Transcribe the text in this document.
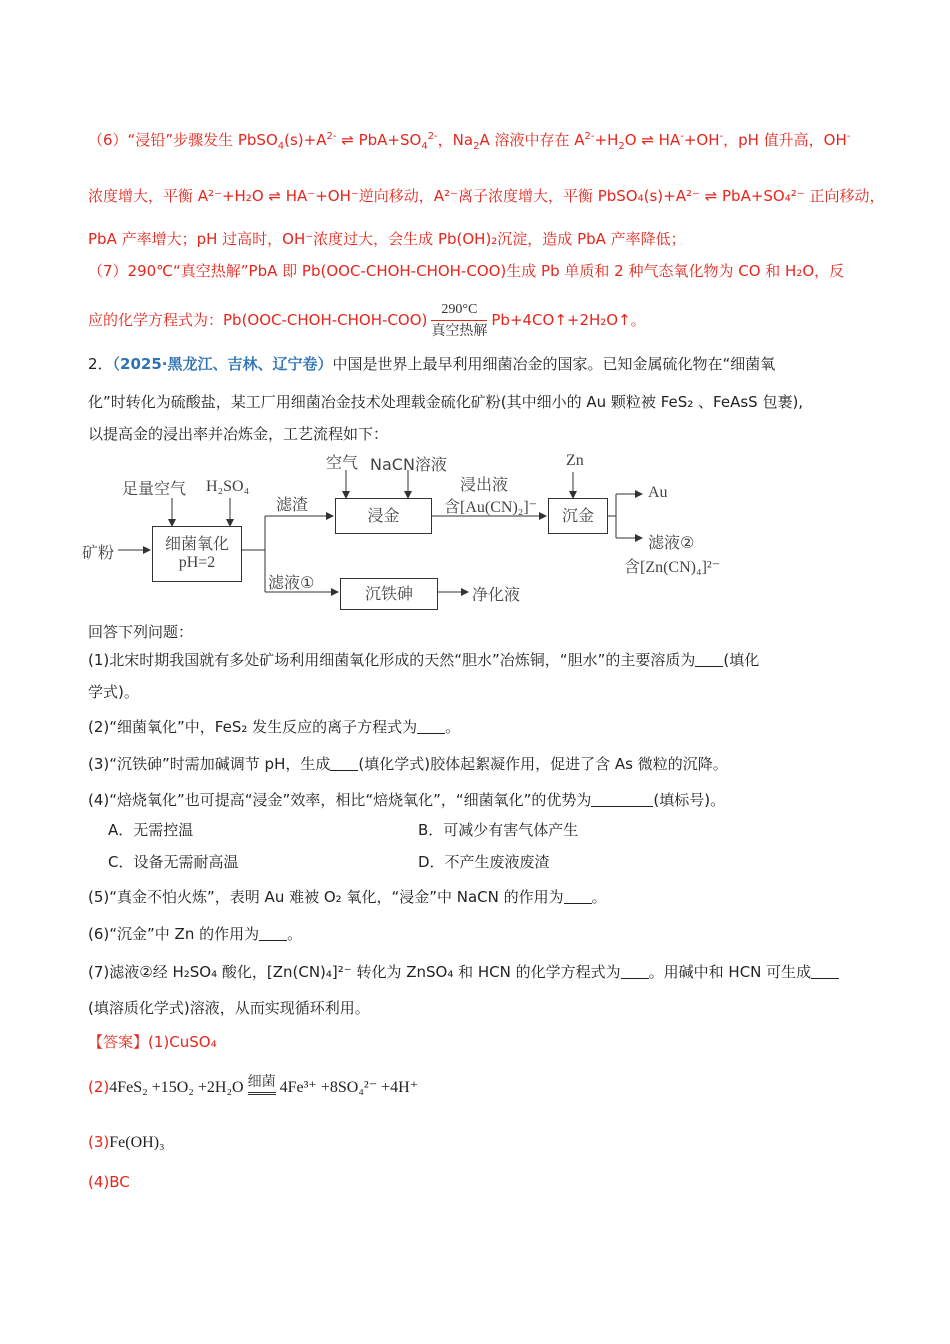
（6）“浸铅”步骤发生 $PbSO_4(s)+A^{2-}$ ⇌ $PbA+SO_4^{2-}$，$Na_2A$ 溶液中存在 $A^{2-}+H_2O$ ⇌ HA-+OH-，pH 值升高，OH-
浓度增大，平衡 A²⁻+H₂O ⇌ HA⁻+OH⁻逆向移动，A²⁻离子浓度增大，平衡 PbSO₄(s)+A²⁻ ⇌ PbA+SO₄²⁻ 正向移动，
PbA 产率增大；pH 过高时，OH⁻浓度过大，会生成 Pb(OH)₂沉淀，造成 PbA 产率降低；
（7）290℃“真空热解”PbA 即 Pb(OOC-CHOH-CHOH-COO)生成 Pb 单质和 2 种气态氧化物为 CO 和 H₂O，反
应的化学方程式为：Pb(OOC-CHOH-CHOH-COO) $\frac{290^\circ C}{\text{真空热解}}$ Pb+4CO↑+2H₂O↑。
2．（2025·黑龙江、吉林、辽宁卷）中国是世界上最早利用细菌冶金的国家。已知金属硫化物在“细菌氧
化”时转化为硫酸盐，某工厂用细菌冶金技术处理载金硫化矿粉(其中细小的 Au 颗粒被 FeS₂ 、FeAsS 包裹),
以提高金的浸出率并冶炼金，工艺流程如下：
足量空气 H₂SO₄
矿粉	细菌氧化
pH=2
滤渣
滤液①
空气 NaCN溶液
浸金
浸出液
含[Au(CN)₂]⁻
Zn
沉金
Au
滤液②
含[Zn(CN)₄]²⁻
沉铁砷	净化液
回答下列问题：
(1)北宋时期我国就有多处矿场利用细菌氧化形成的天然“胆水”冶炼铜，“胆水”的主要溶质为 (填化
学式)。
(2)“细菌氧化”中，FeS₂ 发生反应的离子方程式为 。
(3)“沉铁砷”时需加碱调节 pH，生成 (填化学式)胶体起絮凝作用，促进了含 As 微粒的沉降。
(4)“焙烧氧化”也可提高“浸金”效率，相比“焙烧氧化”，“细菌氧化”的优势为	(填标号)。
A．无需控温	B．可减少有害气体产生
C．设备无需耐高温	D．不产生废液废渣
(5)“真金不怕火炼”，表明 Au 难被 O₂ 氧化，“浸金”中 NaCN 的作用为 。
(6)“沉金”中 Zn 的作用为 。
(7)滤液②经 H₂SO₄ 酸化，[Zn(CN)₄]²⁻ 转化为 ZnSO₄ 和 HCN 的化学方程式为 。用碱中和 HCN 可生成
(填溶质化学式)溶液，从而实现循环利用。
【答案】(1)CuSO₄
(2)4FeS₂ +15O₂ +2H₂O 细菌 4Fe³⁺ +8SO₄²⁻ +4H⁺
(3)Fe(OH)₃
(4)BC
